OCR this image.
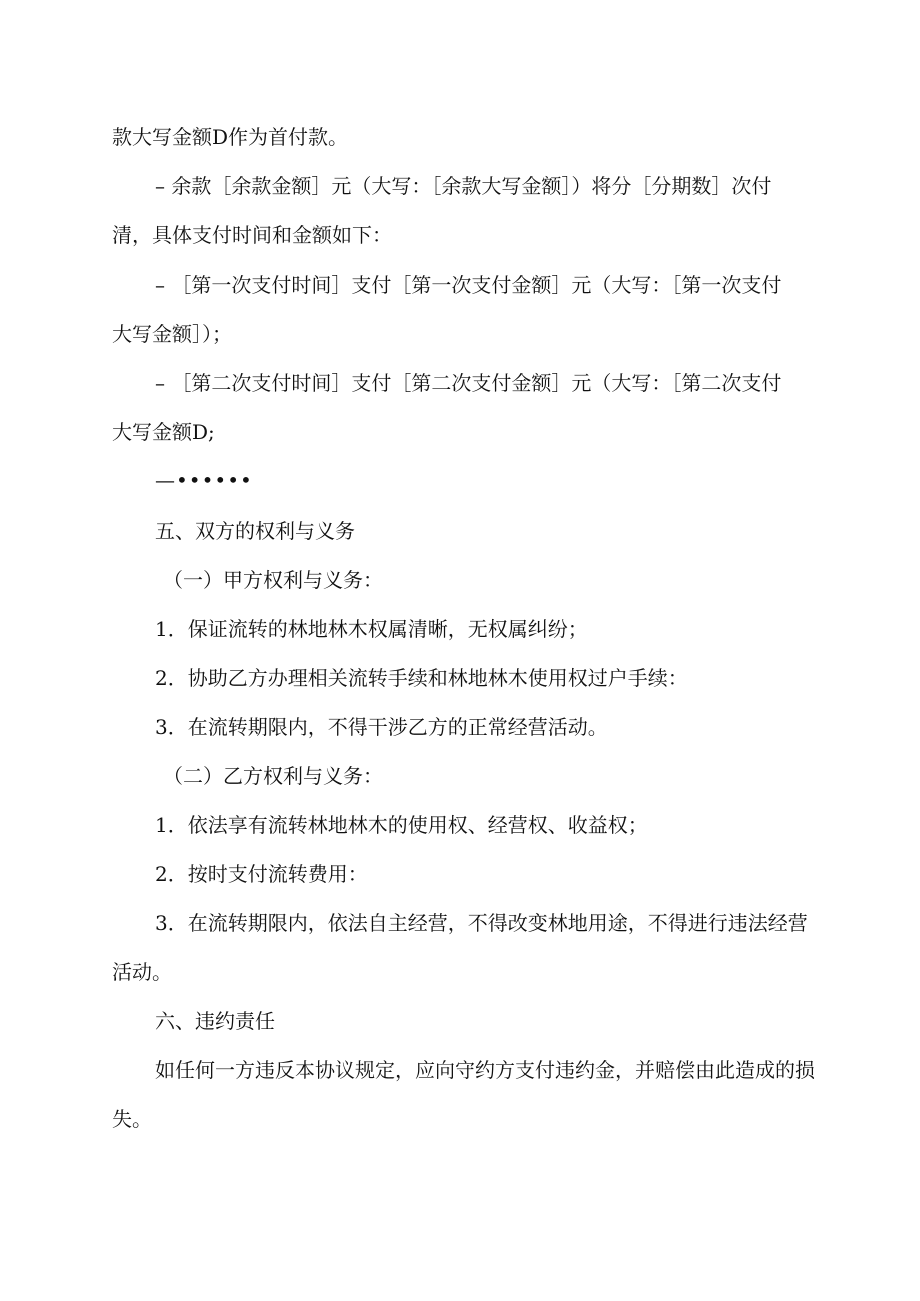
款大写金额D作为首付款。
– 余款［余款金额］元（大写：［余款大写金额］）将分［分期数］次付
清，具体支付时间和金额如下：
– ［第一次支付时间］支付［第一次支付金额］元（大写：［第一次支付
大写金额］）；
– ［第二次支付时间］支付［第二次支付金额］元（大写：［第二次支付
大写金额D;
—••••••
五、双方的权利与义务
（一）甲方权利与义务：
1．保证流转的林地林木权属清晰，无权属纠纷；
2．协助乙方办理相关流转手续和林地林木使用权过户手续：
3．在流转期限内，不得干涉乙方的正常经营活动。
（二）乙方权利与义务：
1．依法享有流转林地林木的使用权、经营权、收益权；
2．按时支付流转费用：
3．在流转期限内，依法自主经营，不得改变林地用途，不得进行违法经营
活动。
六、违约责任
如任何一方违反本协议规定，应向守约方支付违约金，并赔偿由此造成的损
失。
